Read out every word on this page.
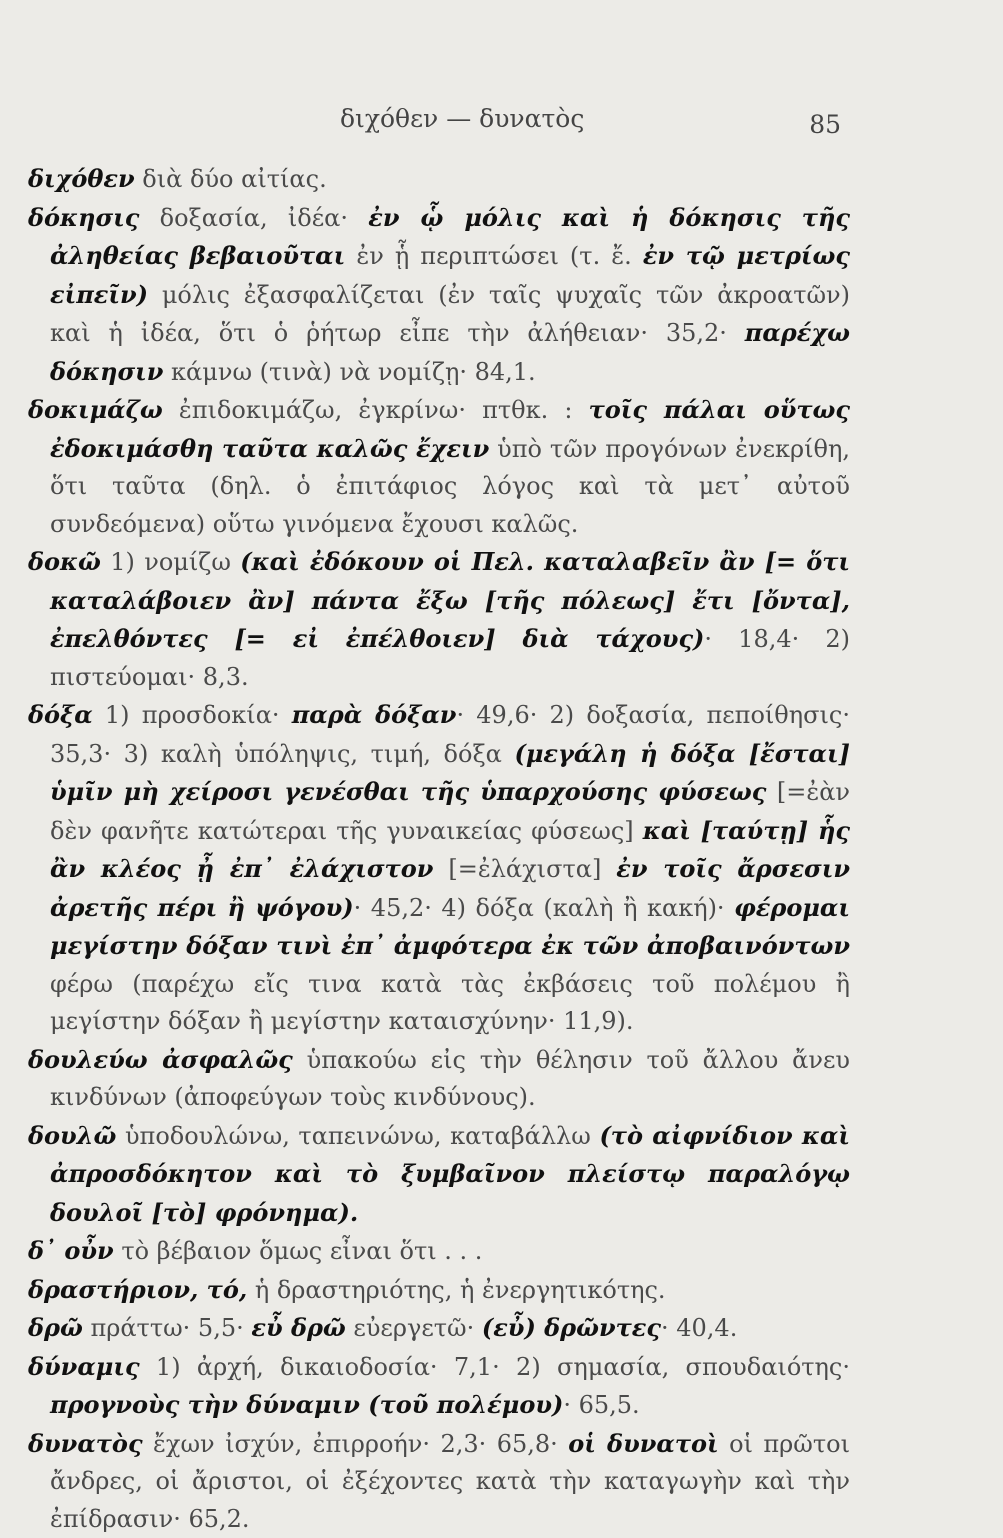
διχόθεν — δυνατὸς	85

διχόθεν διὰ δύο αἰτίας.

δόκησις δοξασία, ἰδέα· ἐν ᾧ μόλις καὶ ἡ δόκησις τῆς ἀληθείας βεβαιοῦται ἐν ᾗ περιπτώσει (τ. ἔ. ἐν τῷ μετρίως εἰπεῖν) μόλις ἐξασφαλίζεται (ἐν ταῖς ψυχαῖς τῶν ἀκροατῶν) καὶ ἡ ἰδέα, ὅτι ὁ ῥήτωρ εἶπε τὴν ἀλήθειαν· 35,2· παρέχω δόκησιν κάμνω (τινὰ) νὰ νομίζῃ· 84,1.

δοκιμάζω ἐπιδοκιμάζω, ἐγκρίνω· πτθκ. : τοῖς πάλαι οὕτως ἐδοκιμάσθη ταῦτα καλῶς ἔχειν ὑπὸ τῶν προγόνων ἐνεκρίθη, ὅτι ταῦτα (δηλ. ὁ ἐπιτάφιος λόγος καὶ τὰ μετ᾽ αὐτοῦ συνδεόμενα) οὕτω γινόμενα ἔχουσι καλῶς.

δοκῶ 1) νομίζω (καὶ ἐδόκουν οἱ Πελ. καταλαβεῖν ἂν [= ὅτι καταλάβοιεν ἂν] πάντα ἔξω [τῆς πόλεως] ἔτι [ὄντα], ἐπελθόντες [= εἰ ἐπέλθοιεν] διὰ τάχους)· 18,4· 2) πιστεύομαι· 8,3.

δόξα 1) προσδοκία· παρὰ δόξαν· 49,6· 2) δοξασία, πεποίθησις· 35,3· 3) καλὴ ὑπόληψις, τιμή, δόξα (μεγάλη ἡ δόξα [ἔσται] ὑμῖν μὴ χείροσι γενέσθαι τῆς ὑπαρχούσης φύσεως [=ἐὰν δὲν φανῆτε κατώτεραι τῆς γυναικείας φύσεως] καὶ [ταύτῃ] ἧς ἂν κλέος ᾖ ἐπ᾽ ἐλάχιστον [=ἐλάχιστα] ἐν τοῖς ἄρσεσιν ἀρετῆς πέρι ἢ ψόγου)· 45,2· 4) δόξα (καλὴ ἢ κακή)· φέρομαι μεγίστην δόξαν τινὶ ἐπ᾽ ἀμφότερα ἐκ τῶν ἀποβαινόντων φέρω (παρέχω εἴς τινα κατὰ τὰς ἐκβάσεις τοῦ πολέμου ἢ μεγίστην δόξαν ἢ μεγίστην καταισχύνην· 11,9).

δουλεύω ἀσφαλῶς ὑπακούω εἰς τὴν θέλησιν τοῦ ἄλλου ἄνευ κινδύνων (ἀποφεύγων τοὺς κινδύνους).

δουλῶ ὑποδουλώνω, ταπεινώνω, καταβάλλω (τὸ αἰφνίδιον καὶ ἀπροσδόκητον καὶ τὸ ξυμβαῖνον πλείστῳ παραλόγῳ δουλοῖ [τὸ] φρόνημα).

δ᾽ οὖν τὸ βέβαιον ὅμως εἶναι ὅτι . . .

δραστήριον, τό, ἡ δραστηριότης, ἡ ἐνεργητικότης.

δρῶ πράττω· 5,5· εὖ δρῶ εὐεργετῶ· (εὖ) δρῶντες· 40,4.

δύναμις 1) ἀρχή, δικαιοδοσία· 7,1· 2) σημασία, σπουδαιότης· προγνοὺς τὴν δύναμιν (τοῦ πολέμου)· 65,5.

δυνατὸς ἔχων ἰσχύν, ἐπιρροήν· 2,3· 65,8· οἱ δυνατοὶ οἱ πρῶτοι ἄνδρες, οἱ ἄριστοι, οἱ ἐξέχοντες κατὰ τὴν καταγωγὴν καὶ τὴν ἐπίδρασιν· 65,2.
